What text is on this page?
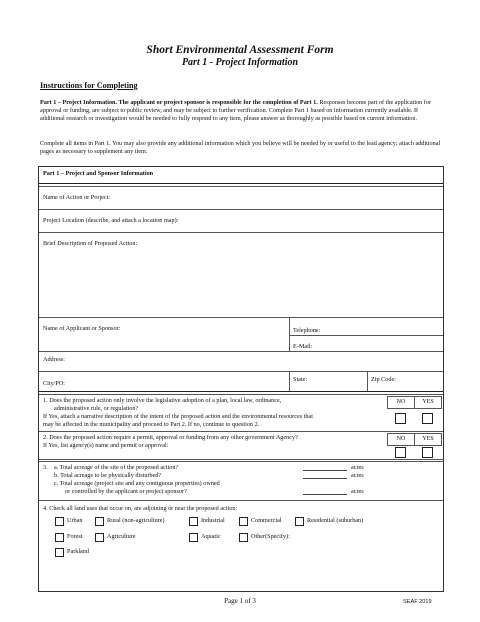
Short Environmental Assessment Form
Part 1 - Project Information
Instructions for Completing
Part 1 – Project Information. The applicant or project sponsor is responsible for the completion of Part 1. Responses become part of the application for approval or funding, are subject to public review, and may be subject to further verification. Complete Part 1 based on information currently available. If additional research or investigation would be needed to fully respond to any item, please answer as thoroughly as possible based on current information.
Complete all items in Part 1. You may also provide any additional information which you believe will be needed by or useful to the lead agency; attach additional pages as necessary to supplement any item.
Part 1 – Project and Sponsor Information
Name of Action or Project:
Project Location (describe, and attach a location map):
Brief Description of Proposed Action:
Name of Applicant or Sponsor:	Telephone:
E-Mail:
Address:
City/PO:
State:	Zip Code:
1. Does the proposed action only involve the legislative adoption of a plan, local law, ordinance,
administrative rule, or regulation?
If Yes, attach a narrative description of the intent of the proposed action and the environmental resources that
may be affected in the municipality and proceed to Part 2. If no, continue to question 2.
NO	YES
2. Does the proposed action require a permit, approval or funding from any other government Agency?
If Yes, list agency(s) name and permit or approval:
NO	YES
3. a. Total acreage of the site of the proposed action?
b. Total acreage to be physically disturbed?
c. Total acreage (project site and any contiguous properties) owned
or controlled by the applicant or project sponsor?
acres
acres
acres
4. Check all land uses that occur on, are adjoining or near the proposed action:
Urban	Rural (non-agriculture)	Industrial	Commercial	Residential (suburban)
Forest	Agriculture	Aquatic	Other(Specify):
Parkland
Page 1 of 3	SEAF 2019
